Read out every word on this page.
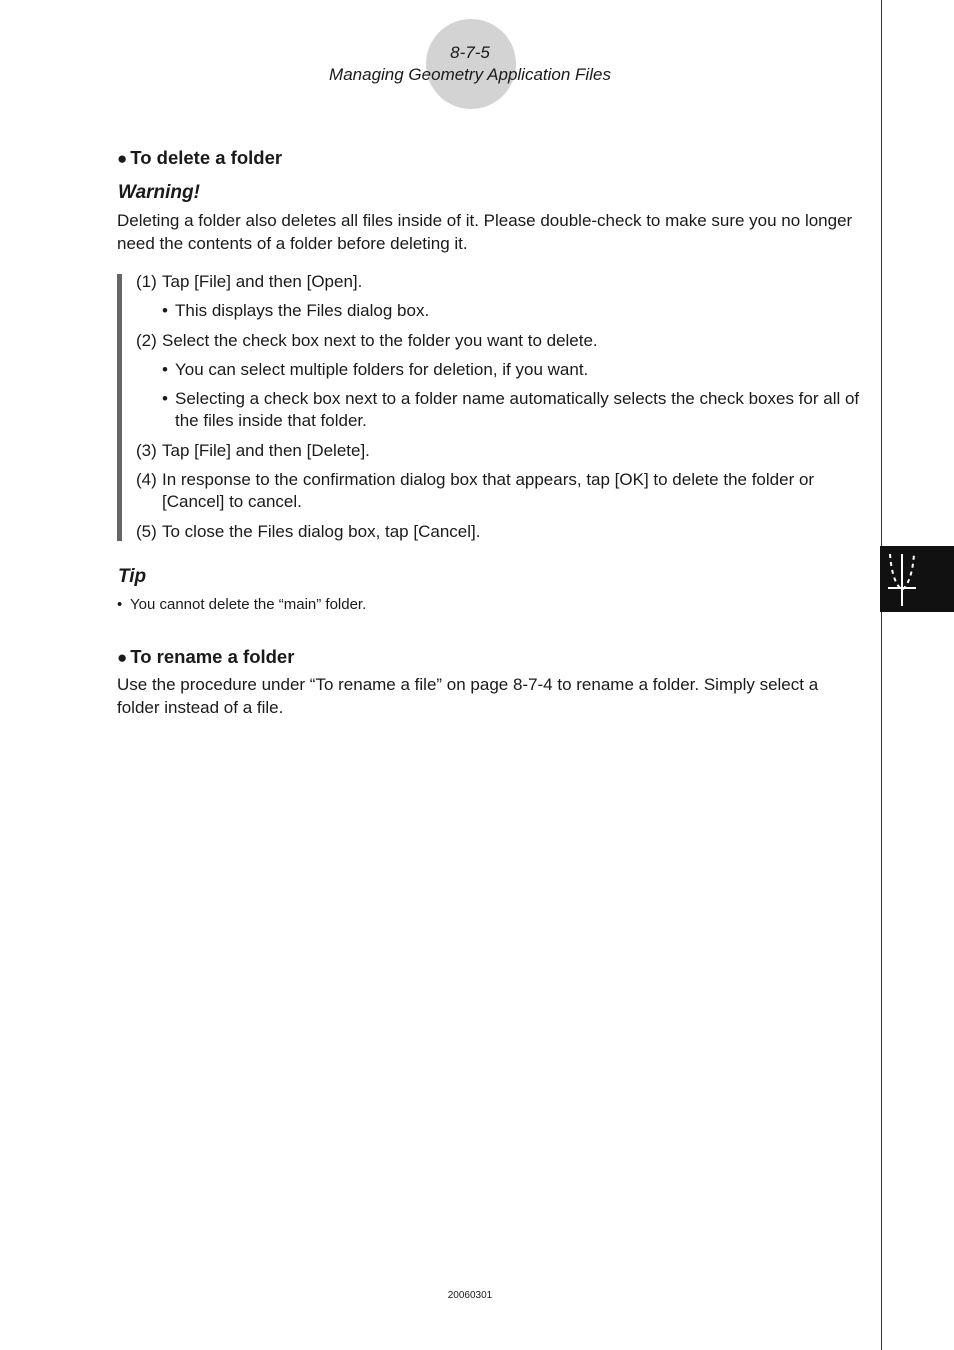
8-7-5
Managing Geometry Application Files
● To delete a folder
Warning!
Deleting a folder also deletes all files inside of it. Please double-check to make sure you no longer need the contents of a folder before deleting it.
(1) Tap [File] and then [Open].
• This displays the Files dialog box.
(2) Select the check box next to the folder you want to delete.
• You can select multiple folders for deletion, if you want.
• Selecting a check box next to a folder name automatically selects the check boxes for all of the files inside that folder.
(3) Tap [File] and then [Delete].
(4) In response to the confirmation dialog box that appears, tap [OK] to delete the folder or [Cancel] to cancel.
(5) To close the Files dialog box, tap [Cancel].
Tip
• You cannot delete the “main” folder.
● To rename a folder
Use the procedure under “To rename a file” on page 8-7-4 to rename a folder. Simply select a folder instead of a file.
20060301
